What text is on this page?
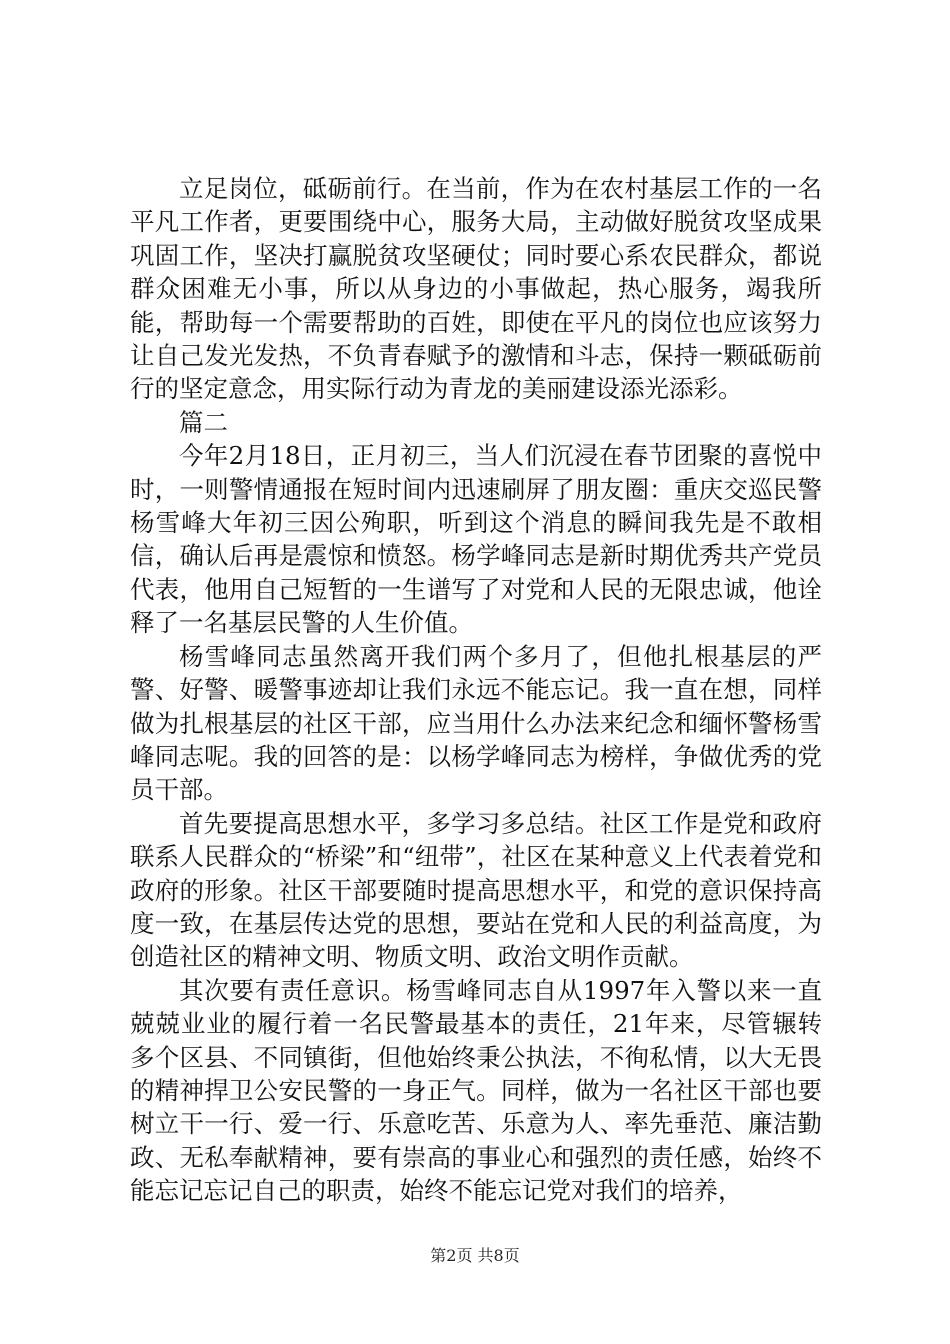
立足岗位，砥砺前行。在当前，作为在农村基层工作的一名平凡工作者，更要围绕中心，服务大局，主动做好脱贫攻坚成果巩固工作，坚决打赢脱贫攻坚硬仗；同时要心系农民群众，都说群众困难无小事，所以从身边的小事做起，热心服务，竭我所能，帮助每一个需要帮助的百姓，即使在平凡的岗位也应该努力让自己发光发热，不负青春赋予的激情和斗志，保持一颗砥砺前行的坚定意念，用实际行动为青龙的美丽建设添光添彩。

篇二

今年2月18日，正月初三，当人们沉浸在春节团聚的喜悦中时，一则警情通报在短时间内迅速刷屏了朋友圈：重庆交巡民警杨雪峰大年初三因公殉职，听到这个消息的瞬间我先是不敢相信，确认后再是震惊和愤怒。杨学峰同志是新时期优秀共产党员代表，他用自己短暂的一生谱写了对党和人民的无限忠诚，他诠释了一名基层民警的人生价值。

杨雪峰同志虽然离开我们两个多月了，但他扎根基层的严警、好警、暖警事迹却让我们永远不能忘记。我一直在想，同样做为扎根基层的社区干部，应当用什么办法来纪念和缅怀警杨雪峰同志呢。我的回答的是：以杨学峰同志为榜样，争做优秀的党员干部。

首先要提高思想水平，多学习多总结。社区工作是党和政府联系人民群众的“桥梁”和“纽带”，社区在某种意义上代表着党和政府的形象。社区干部要随时提高思想水平，和党的意识保持高度一致，在基层传达党的思想，要站在党和人民的利益高度，为创造社区的精神文明、物质文明、政治文明作贡献。

其次要有责任意识。杨雪峰同志自从1997年入警以来一直兢兢业业的履行着一名民警最基本的责任，21年来，尽管辗转多个区县、不同镇街，但他始终秉公执法，不徇私情，以大无畏的精神捍卫公安民警的一身正气。同样，做为一名社区干部也要树立干一行、爱一行、乐意吃苦、乐意为人、率先垂范、廉洁勤政、无私奉献精神，要有崇高的事业心和强烈的责任感，始终不能忘记忘记自己的职责，始终不能忘记党对我们的培养，

第2页 共8页
